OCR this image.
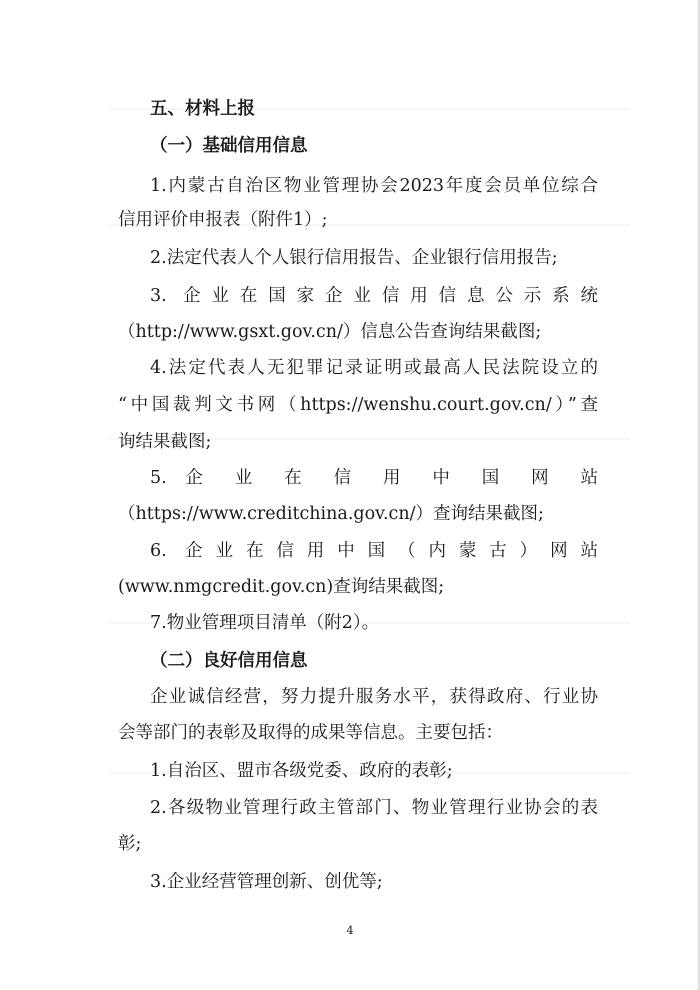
五、材料上报
（一）基础信用信息
1.内蒙古自治区物业管理协会2023年度会员单位综合
信用评价申报表（附件1）;
2.法定代表人个人银行信用报告、企业银行信用报告;
3. 企业在国家企业信用信息公示系统
（http://www.gsxt.gov.cn/）信息公告查询结果截图;
4.法定代表人无犯罪记录证明或最高人民法院设立的
“中国裁判文书网（https://wenshu.court.gov.cn/）”查
询结果截图;
5. 企 业 在 信 用 中 国 网 站
（https://www.creditchina.gov.cn/）查询结果截图;
6. 企业在信用中国（内蒙古）网站
(www.nmgcredit.gov.cn)查询结果截图;
7.物业管理项目清单（附2）。
（二）良好信用信息
企业诚信经营，努力提升服务水平，获得政府、行业协
会等部门的表彰及取得的成果等信息。主要包括：
1.自治区、盟市各级党委、政府的表彰;
2.各级物业管理行政主管部门、物业管理行业协会的表
彰;
3.企业经营管理创新、创优等;
4
